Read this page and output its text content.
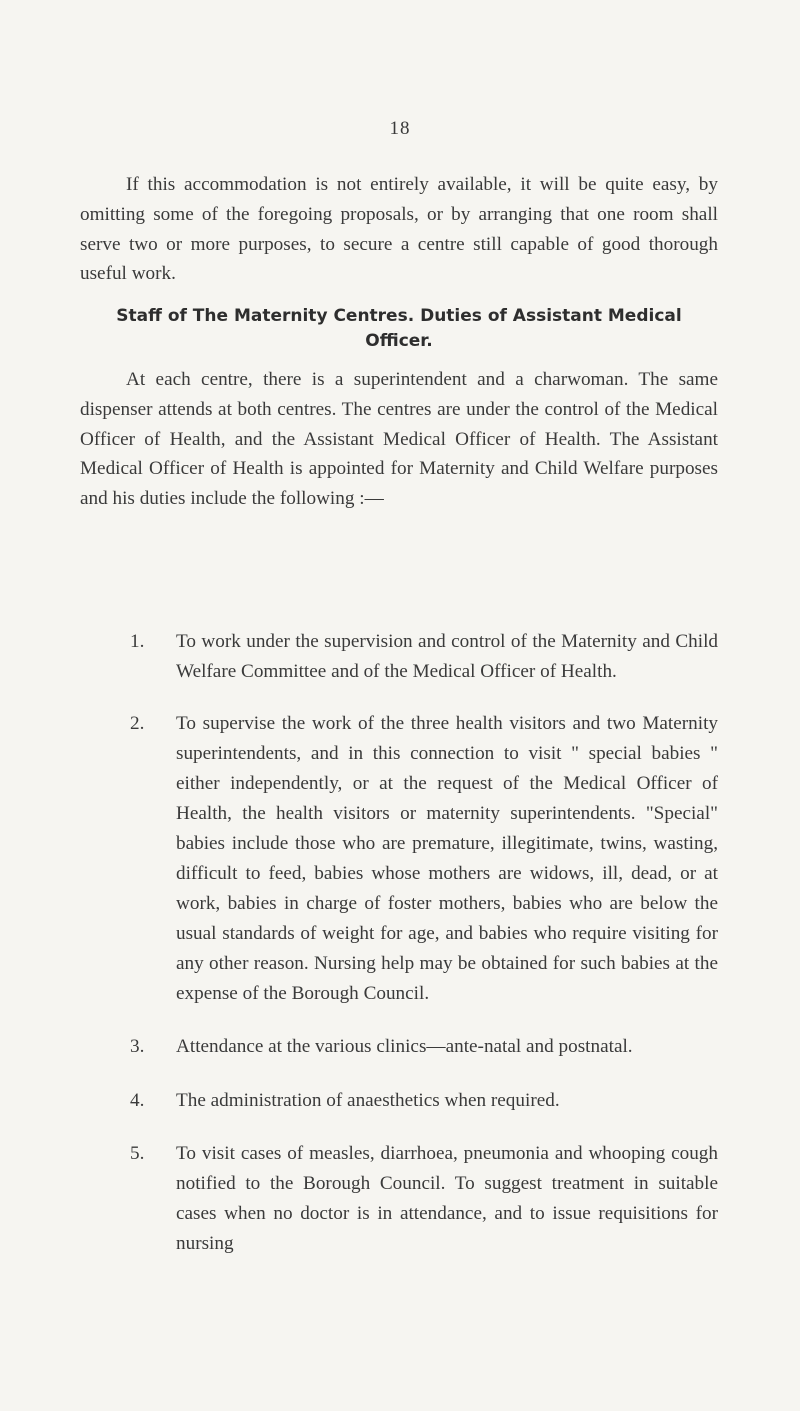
18

If this accommodation is not entirely available, it will be quite easy, by omitting some of the foregoing proposals, or by arranging that one room shall serve two or more purposes, to secure a centre still capable of good thorough useful work.

Staff of The Maternity Centres. Duties of Assistant Medical Officer.

At each centre, there is a superintendent and a charwoman. The same dispenser attends at both centres. The centres are under the control of the Medical Officer of Health, and the Assistant Medical Officer of Health. The Assistant Medical Officer of Health is appointed for Maternity and Child Welfare purposes and his duties include the following :—

1. To work under the supervision and control of the Maternity and Child Welfare Committee and of the Medical Officer of Health.
2. To supervise the work of the three health visitors and two Maternity superintendents, and in this connection to visit " special babies " either independently, or at the request of the Medical Officer of Health, the health visitors or maternity superintendents. "Special" babies include those who are premature, illegitimate, twins, wasting, difficult to feed, babies whose mothers are widows, ill, dead, or at work, babies in charge of foster mothers, babies who are below the usual standards of weight for age, and babies who require visiting for any other reason. Nursing help may be obtained for such babies at the expense of the Borough Council.
3. Attendance at the various clinics—ante-natal and postnatal.
4. The administration of anaesthetics when required.
5. To visit cases of measles, diarrhoea, pneumonia and whooping cough notified to the Borough Council. To suggest treatment in suitable cases when no doctor is in attendance, and to issue requisitions for nursing
